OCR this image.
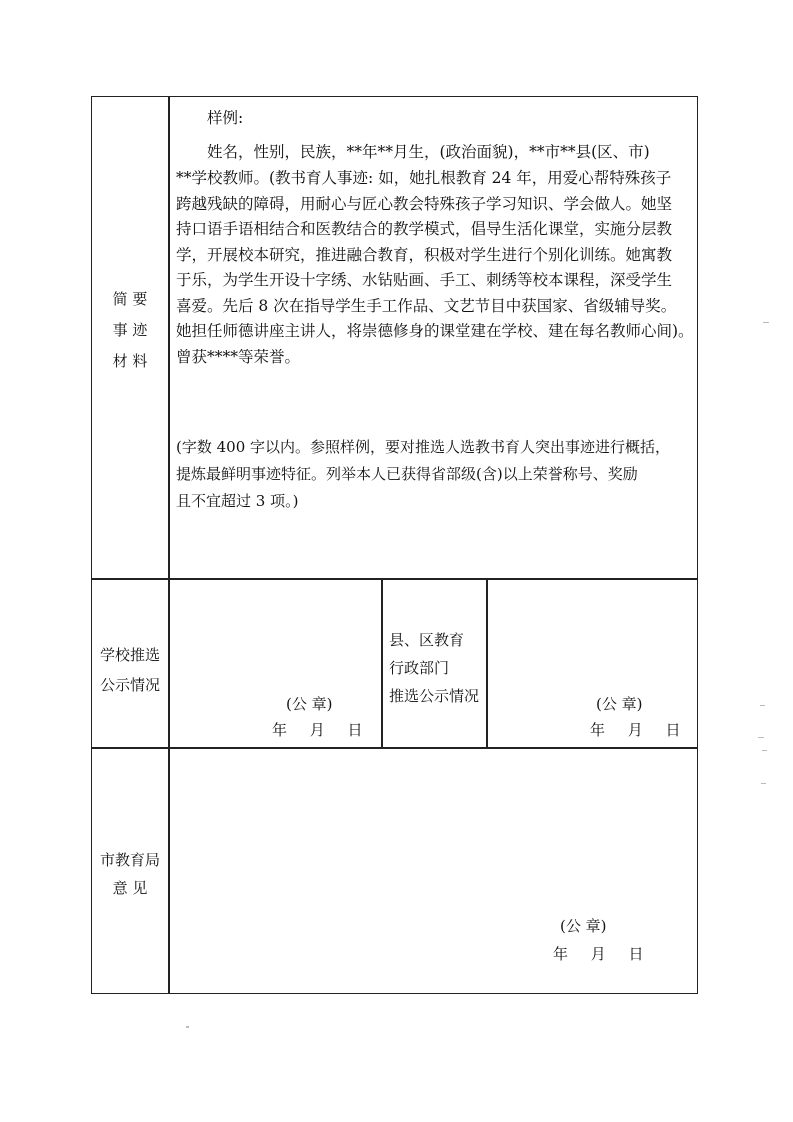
简 要
事 迹
材 料
样例:
姓名，性别，民族，**年**月生，(政治面貌)，**市**县(区、市)
**学校教师。(教书育人事迹: 如，她扎根教育 24 年，用爱心帮特殊孩子
跨越残缺的障碍，用耐心与匠心教会特殊孩子学习知识、学会做人。她坚
持口语手语相结合和医教结合的教学模式，倡导生活化课堂，实施分层教
学，开展校本研究，推进融合教育，积极对学生进行个别化训练。她寓教
于乐，为学生开设十字绣、水钻贴画、手工、刺绣等校本课程，深受学生
喜爱。先后 8 次在指导学生手工作品、文艺节目中获国家、省级辅导奖。
她担任师德讲座主讲人，将崇德修身的课堂建在学校、建在每名教师心间)。
曾获****等荣誉。
(字数 400 字以内。参照样例，要对推选人选教书育人突出事迹进行概括，
提炼最鲜明事迹特征。列举本人已获得省部级(含)以上荣誉称号、奖励
且不宜超过 3 项。)
学校推选
公示情况
县、区教育
行政部门
推选公示情况
(公 章)
年 月 日
(公 章)
年 月 日
市教育局
意 见
(公 章)
年 月 日
